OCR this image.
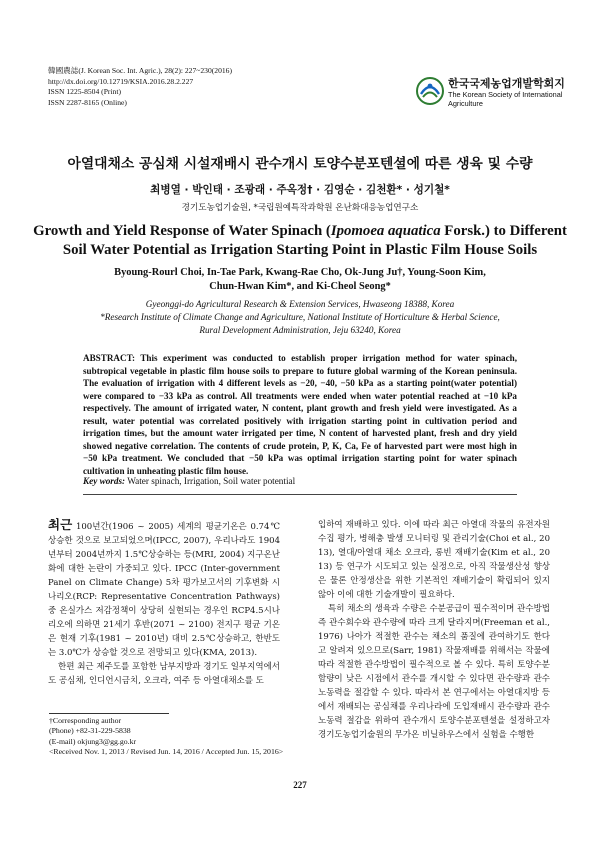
韓國農誌(J. Korean Soc. Int. Agric.), 28(2): 227~230(2016)
http://dx.doi.org/10.12719/KSIA.2016.28.2.227
ISSN 1225-8504 (Print)
ISSN 2287-8165 (Online)
한국국제농업개발학회지
The Korean Society of International
Agriculture
아열대채소 공심채 시설재배시 관수개시 토양수분포텐셜에 따른 생육 및 수량
최병열 · 박인태 · 조광래 · 주옥정† · 김영순 · 김천환* · 성기철*
경기도농업기술원, *국립원예특작과학원 온난화대응농업연구소
Growth and Yield Response of Water Spinach (Ipomoea aquatica Forsk.) to Different
Soil Water Potential as Irrigation Starting Point in Plastic Film House Soils
Byoung-Rourl Choi, In-Tae Park, Kwang-Rae Cho, Ok-Jung Ju†, Young-Soon Kim,
Chun-Hwan Kim*, and Ki-Cheol Seong*
Gyeonggi-do Agricultural Research & Extension Services, Hwaseong 18388, Korea
*Research Institute of Climate Change and Agriculture, National Institute of Horticulture & Herbal Science,
Rural Development Administration, Jeju 63240, Korea
ABSTRACT: This experiment was conducted to establish proper irrigation method for water spinach, subtropical vegetable in plastic film house soils to prepare to future global warming of the Korean peninsula. The evaluation of irrigation with 4 different levels as −20, −40, −50 kPa as a starting point(water potential) were compared to −33 kPa as control. All treatments were ended when water potential reached at −10 kPa respectively. The amount of irrigated water, N content, plant growth and fresh yield were investigated. As a result, water potential was correlated positively with irrigation starting point in cultivation period and irrigation times, but the amount water irrigated per time, N content of harvested plant, fresh and dry yield showed negative correlation. The contents of crude protein, P, K, Ca, Fe of harvested part were most high in −50 kPa treatment. We concluded that −50 kPa was optimal irrigation starting point for water spinach cultivation in unheating plastic film house.
Key words: Water spinach, Irrigation, Soil water potential

최근 100년간(1906 ~ 2005) 세계의 평균기온은 0.74℃ 상승한 것으로 보고되었으며(IPCC, 2007), 우리나라도 1904년부터 2004년까지 1.5℃상승하는 등(MRI, 2004) 지구온난화에 대한 논란이 가중되고 있다. IPCC (Inter-government Panel on Climate Change) 5차 평가보고서의 기후변화 시나리오(RCP: Representative Concentration Pathways) 중 온실가스 저감정책이 상당히 실현되는 경우인 RCP4.5시나리오에 의하면 21세기 후반(2071 ~ 2100) 전지구 평균 기온은 현재 기후(1981 ~ 2010년) 대비 2.5℃상승하고, 한반도는 3.0℃가 상승할 것으로 전망되고 있다(KMA, 2013).

한편 최근 제주도를 포함한 남부지방과 경기도 일부지역에서도 공심채, 인디언시금치, 오크라, 여주 등 아열대채소를 도

입하여 재배하고 있다. 이에 따라 최근 아열대 작물의 유전자원 수집 평가, 병해충 발생 모니터링 및 관리기술(Choi et al., 2013), 열대/아열대 채소 오크라, 롱빈 재배기술(Kim et al., 2013) 등 연구가 시도되고 있는 실정으로, 아직 작물생산성 향상은 물론 안정생산을 위한 기본적인 재배기술이 확립되어 있지 않아 이에 대한 기술개발이 필요하다.

특히 채소의 생육과 수량은 수분공급이 필수적이며 관수방법 즉 관수회수와 관수량에 따라 크게 달라지며(Freeman et al., 1976) 나아가 적절한 관수는 채소의 품질에 관여하기도 한다고 알려져 있으므로(Sarr, 1981) 작물재배를 위해서는 작물에 따라 적절한 관수방법이 필수적으로 볼 수 있다. 특히 토양수분함량이 낮은 시점에서 관수를 개시할 수 있다면 관수량과 관수노동력을 절감할 수 있다. 따라서 본 연구에서는 아열대지방 등에서 재배되는 공심채를 우리나라에 도입재배시 관수량과 관수노동력 절감을 위하여 관수개시 토양수분포텐셜을 설정하고자 경기도농업기술원의 무가온 비닐하우스에서 실험을 수행한

†Corresponding author
(Phone) +82-31-229-5838
(E-mail) okjung3@gg.go.kr
<Received Nov. 1, 2013 / Revised Jun. 14, 2016 / Accepted Jun. 15, 2016>
227
